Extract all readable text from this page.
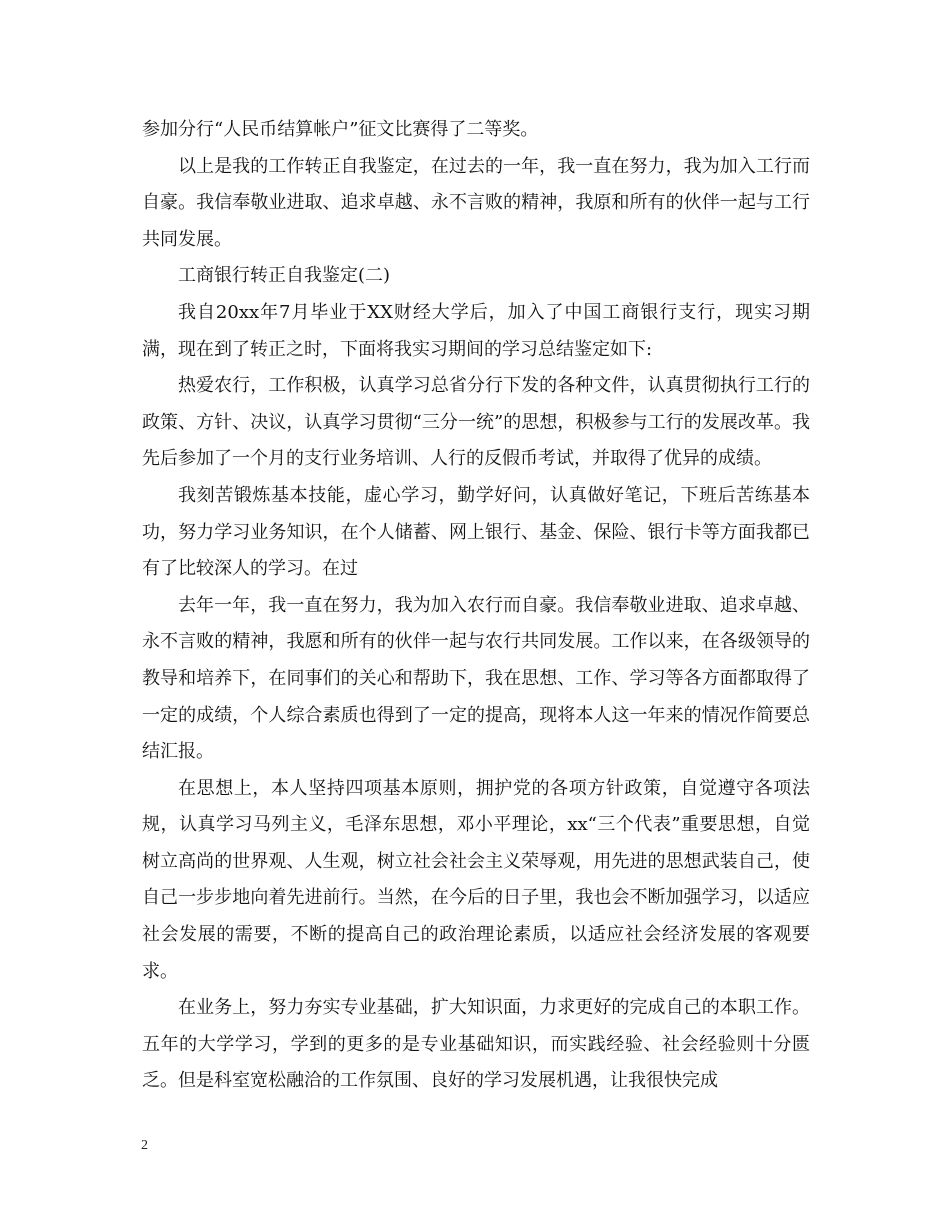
参加分行“人民币结算帐户”征文比赛得了二等奖。

以上是我的工作转正自我鉴定，在过去的一年，我一直在努力，我为加入工行而自豪。我信奉敬业进取、追求卓越、永不言败的精神，我原和所有的伙伴一起与工行共同发展。

工商银行转正自我鉴定(二)

我自20xx年7月毕业于XX财经大学后，加入了中国工商银行支行，现实习期满，现在到了转正之时，下面将我实习期间的学习总结鉴定如下:

热爱农行，工作积极，认真学习总省分行下发的各种文件，认真贯彻执行工行的政策、方针、决议，认真学习贯彻“三分一统”的思想，积极参与工行的发展改革。我先后参加了一个月的支行业务培训、人行的反假币考试，并取得了优异的成绩。

我刻苦锻炼基本技能，虚心学习，勤学好问，认真做好笔记，下班后苦练基本功，努力学习业务知识，在个人储蓄、网上银行、基金、保险、银行卡等方面我都已有了比较深人的学习。在过

去年一年，我一直在努力，我为加入农行而自豪。我信奉敬业进取、追求卓越、永不言败的精神，我愿和所有的伙伴一起与农行共同发展。工作以来，在各级领导的教导和培养下，在同事们的关心和帮助下，我在思想、工作、学习等各方面都取得了一定的成绩，个人综合素质也得到了一定的提高，现将本人这一年来的情况作简要总结汇报。

在思想上，本人坚持四项基本原则，拥护党的各项方针政策，自觉遵守各项法规，认真学习马列主义，毛泽东思想，邓小平理论，xx“三个代表”重要思想，自觉树立高尚的世界观、人生观，树立社会社会主义荣辱观，用先进的思想武装自己，使自己一步步地向着先进前行。当然，在今后的日子里，我也会不断加强学习，以适应社会发展的需要，不断的提高自己的政治理论素质，以适应社会经济发展的客观要求。

在业务上，努力夯实专业基础，扩大知识面，力求更好的完成自己的本职工作。五年的大学学习，学到的更多的是专业基础知识，而实践经验、社会经验则十分匮乏。但是科室宽松融洽的工作氛围、良好的学习发展机遇，让我很快完成

2
